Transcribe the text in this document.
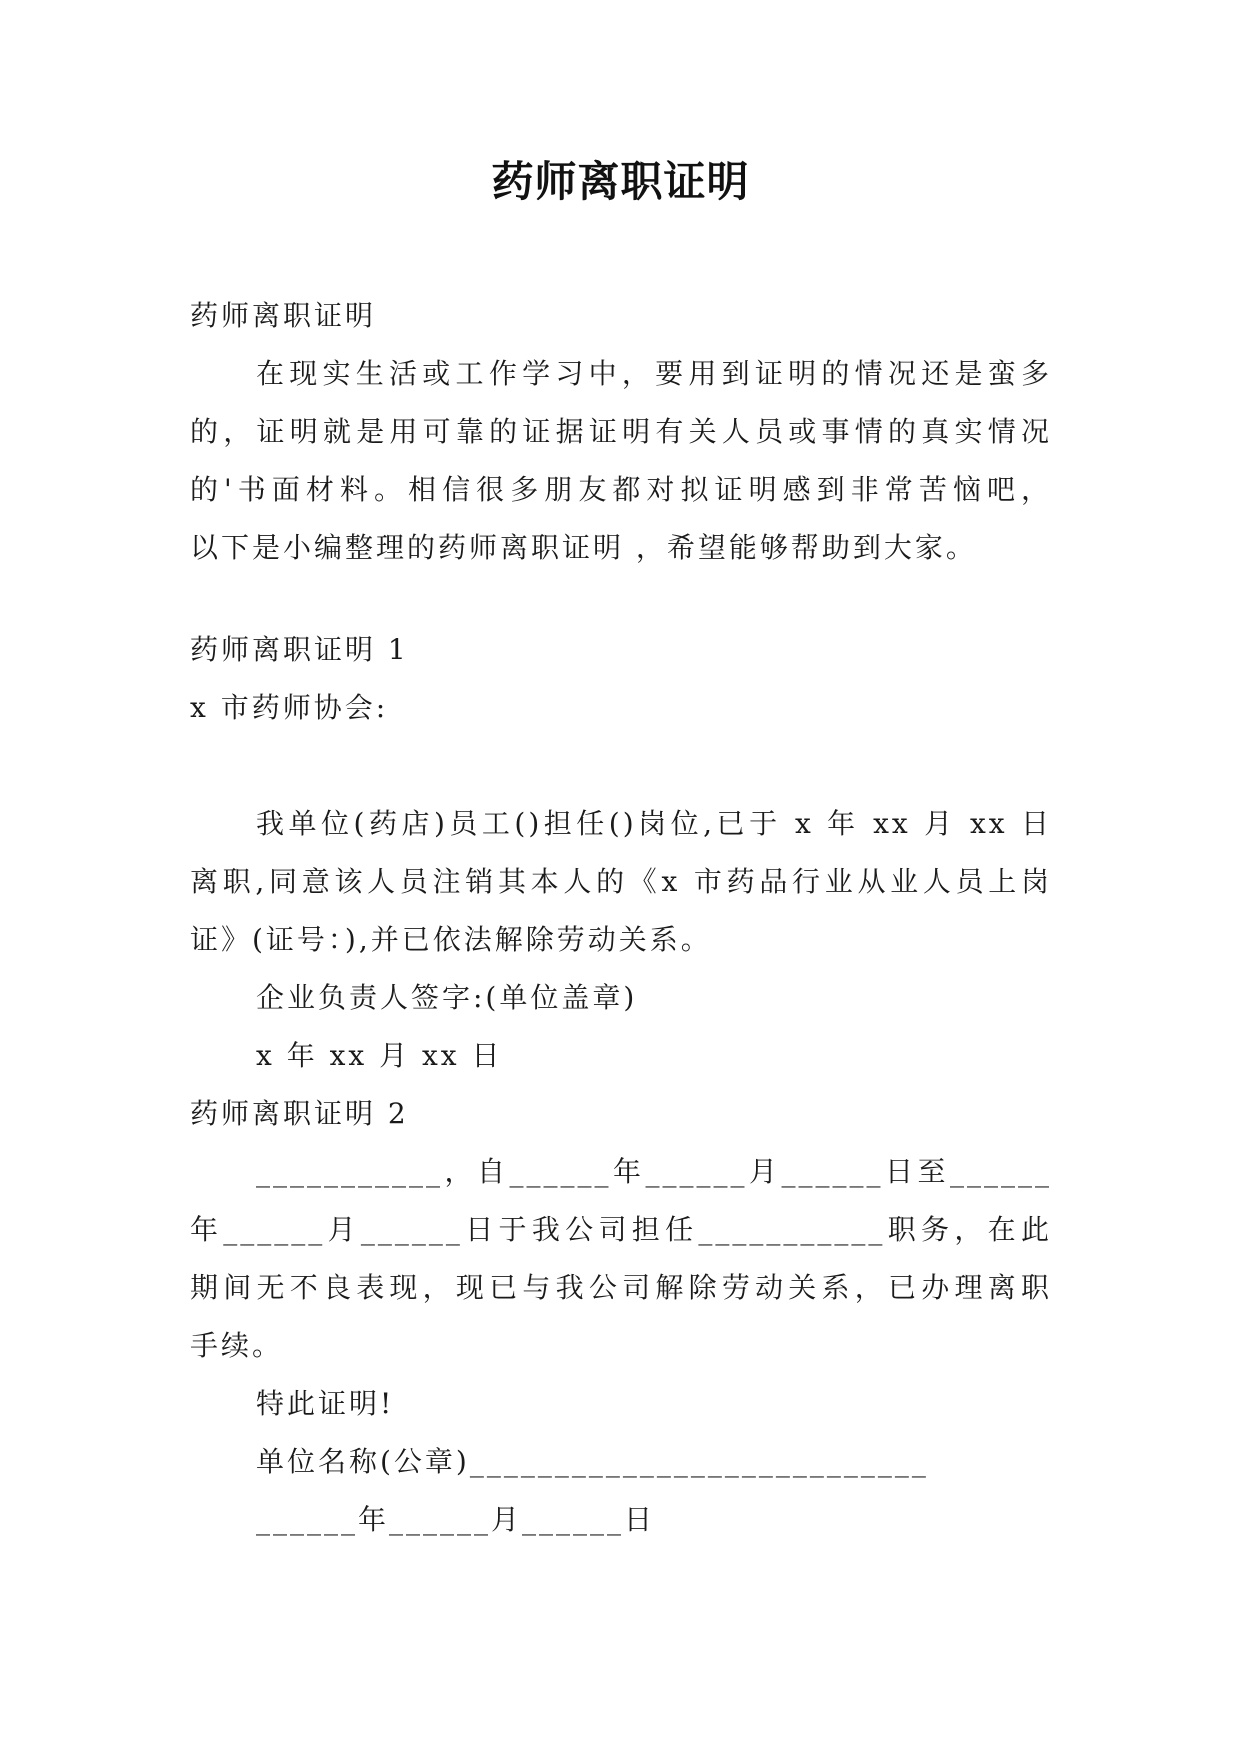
药师离职证明
药师离职证明
在现实生活或工作学习中，要用到证明的情况还是蛮多
的，证明就是用可靠的证据证明有关人员或事情的真实情况
的'书面材料。相信很多朋友都对拟证明感到非常苦恼吧，
以下是小编整理的药师离职证明 ，希望能够帮助到大家。
药师离职证明 1
x 市药师协会:
我单位(药店)员工()担任()岗位,已于 x 年 xx 月 xx 日
离职,同意该人员注销其本人的《x 市药品行业从业人员上岗
证》(证号：),并已依法解除劳动关系。
企业负责人签字:(单位盖章)
x 年 xx 月 xx 日
药师离职证明 2
___________，自______年______月______日至______
年______月______日于我公司担任___________职务，在此
期间无不良表现，现已与我公司解除劳动关系，已办理离职
手续。
特此证明!
单位名称(公章)___________________________
______年______月______日
